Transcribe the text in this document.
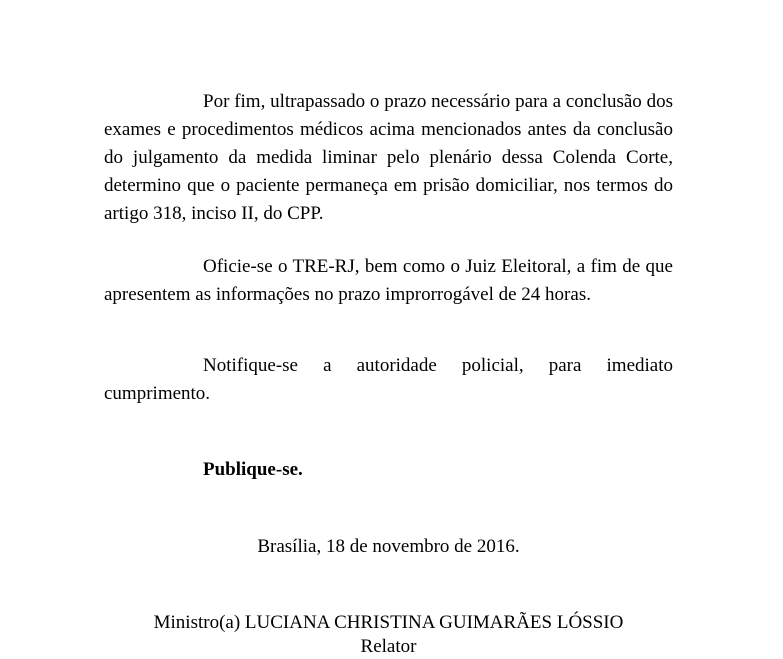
Por fim, ultrapassado o prazo necessário para a conclusão dos exames e procedimentos médicos acima mencionados antes da conclusão do julgamento da medida liminar pelo plenário dessa Colenda Corte, determino que o paciente permaneça em prisão domiciliar, nos termos do artigo 318, inciso II, do CPP.

Oficie-se o TRE-RJ, bem como o Juiz Eleitoral, a fim de que apresentem as informações no prazo improrrogável de 24 horas.

Notifique-se a autoridade policial, para imediato cumprimento.

Publique-se.

Brasília, 18 de novembro de 2016.

Ministro(a) LUCIANA CHRISTINA GUIMARÃES LÓSSIO
Relator
